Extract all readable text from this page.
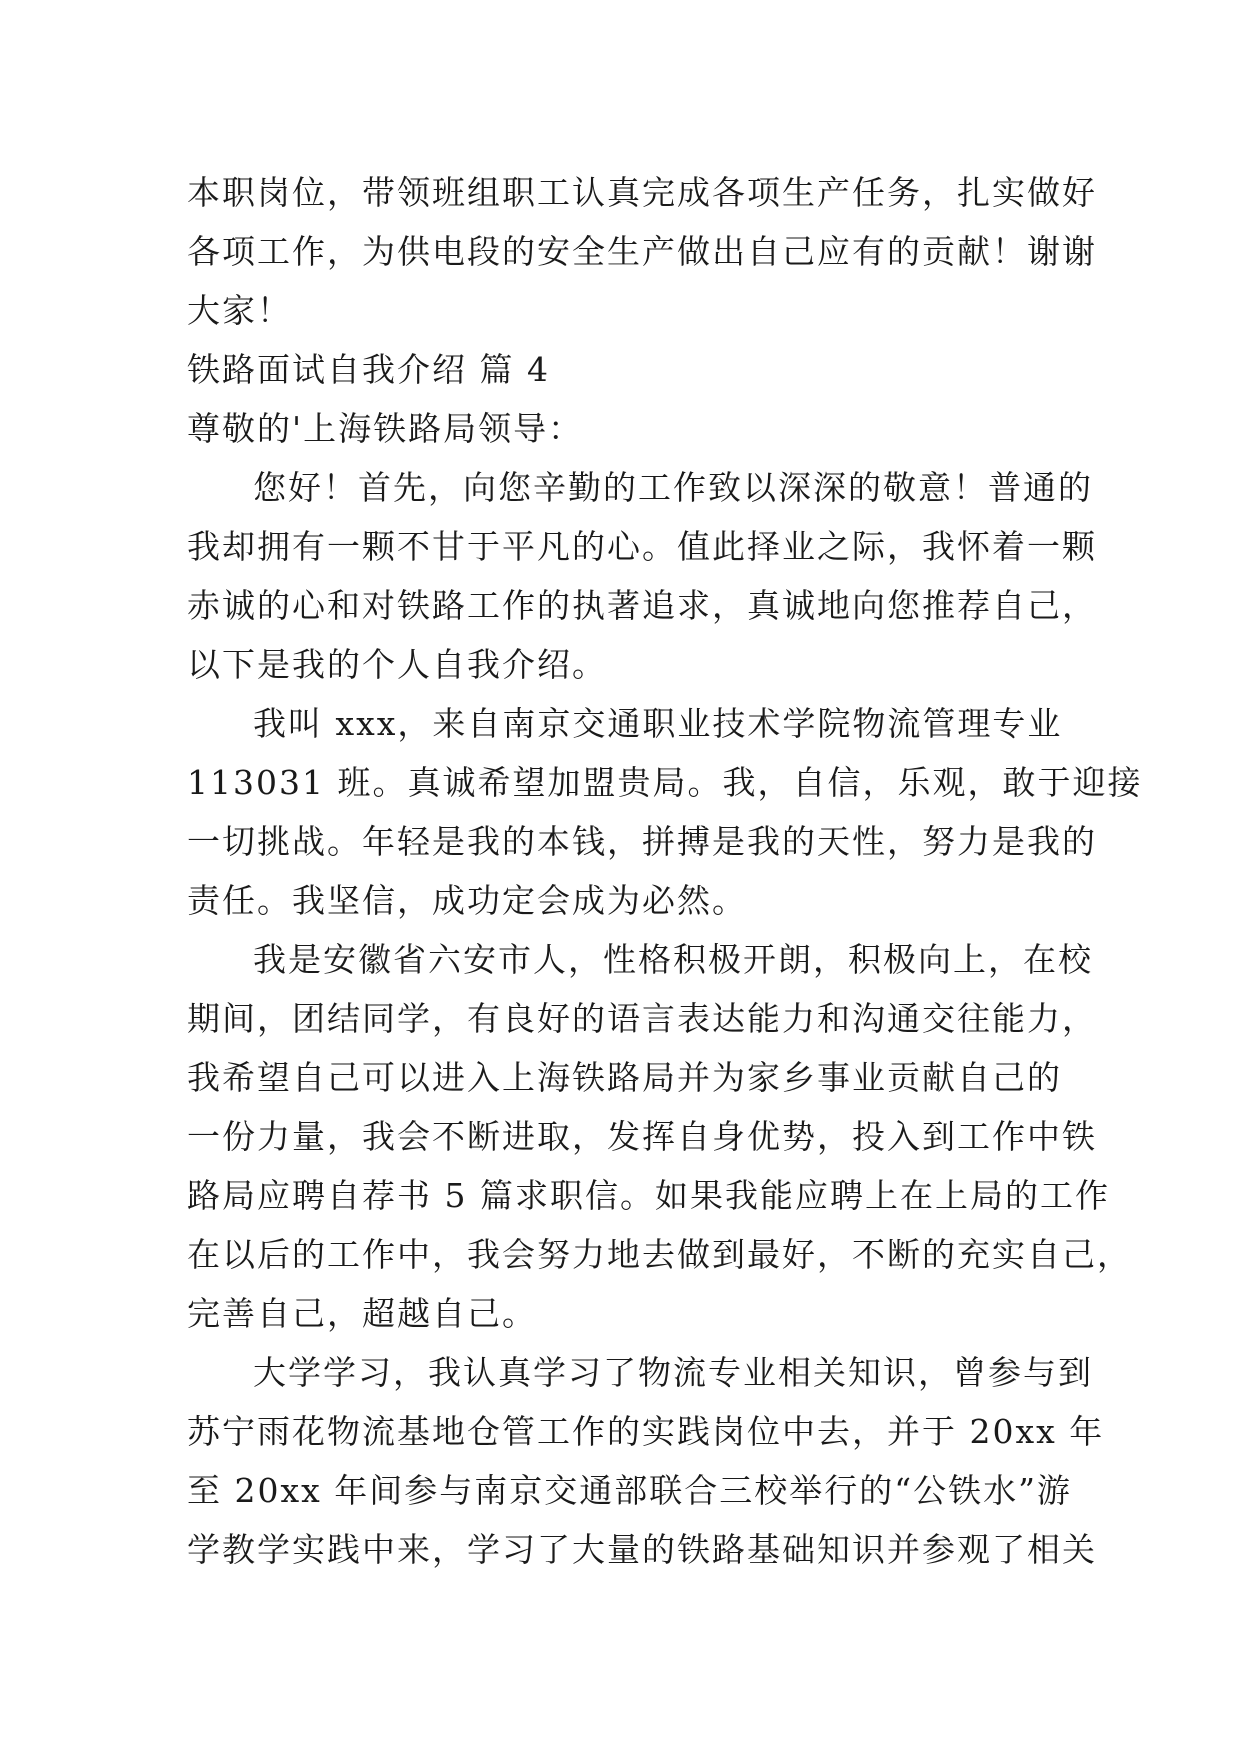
本职岗位，带领班组职工认真完成各项生产任务，扎实做好
各项工作，为供电段的安全生产做出自己应有的贡献！谢谢
大家！
铁路面试自我介绍 篇 4
尊敬的'上海铁路局领导：
您好！首先，向您辛勤的工作致以深深的敬意！普通的
我却拥有一颗不甘于平凡的心。值此择业之际，我怀着一颗
赤诚的心和对铁路工作的执著追求，真诚地向您推荐自己，
以下是我的个人自我介绍。
我叫 xxx，来自南京交通职业技术学院物流管理专业
113031 班。真诚希望加盟贵局。我，自信，乐观，敢于迎接
一切挑战。年轻是我的本钱，拼搏是我的天性，努力是我的
责任。我坚信，成功定会成为必然。
我是安徽省六安市人，性格积极开朗，积极向上，在校
期间，团结同学，有良好的语言表达能力和沟通交往能力，
我希望自己可以进入上海铁路局并为家乡事业贡献自己的
一份力量，我会不断进取，发挥自身优势，投入到工作中铁
路局应聘自荐书 5 篇求职信。如果我能应聘上在上局的工作
在以后的工作中，我会努力地去做到最好，不断的充实自己，
完善自己，超越自己。
大学学习，我认真学习了物流专业相关知识，曾参与到
苏宁雨花物流基地仓管工作的实践岗位中去，并于 20xx 年
至 20xx 年间参与南京交通部联合三校举行的“公铁水”游
学教学实践中来，学习了大量的铁路基础知识并参观了相关
